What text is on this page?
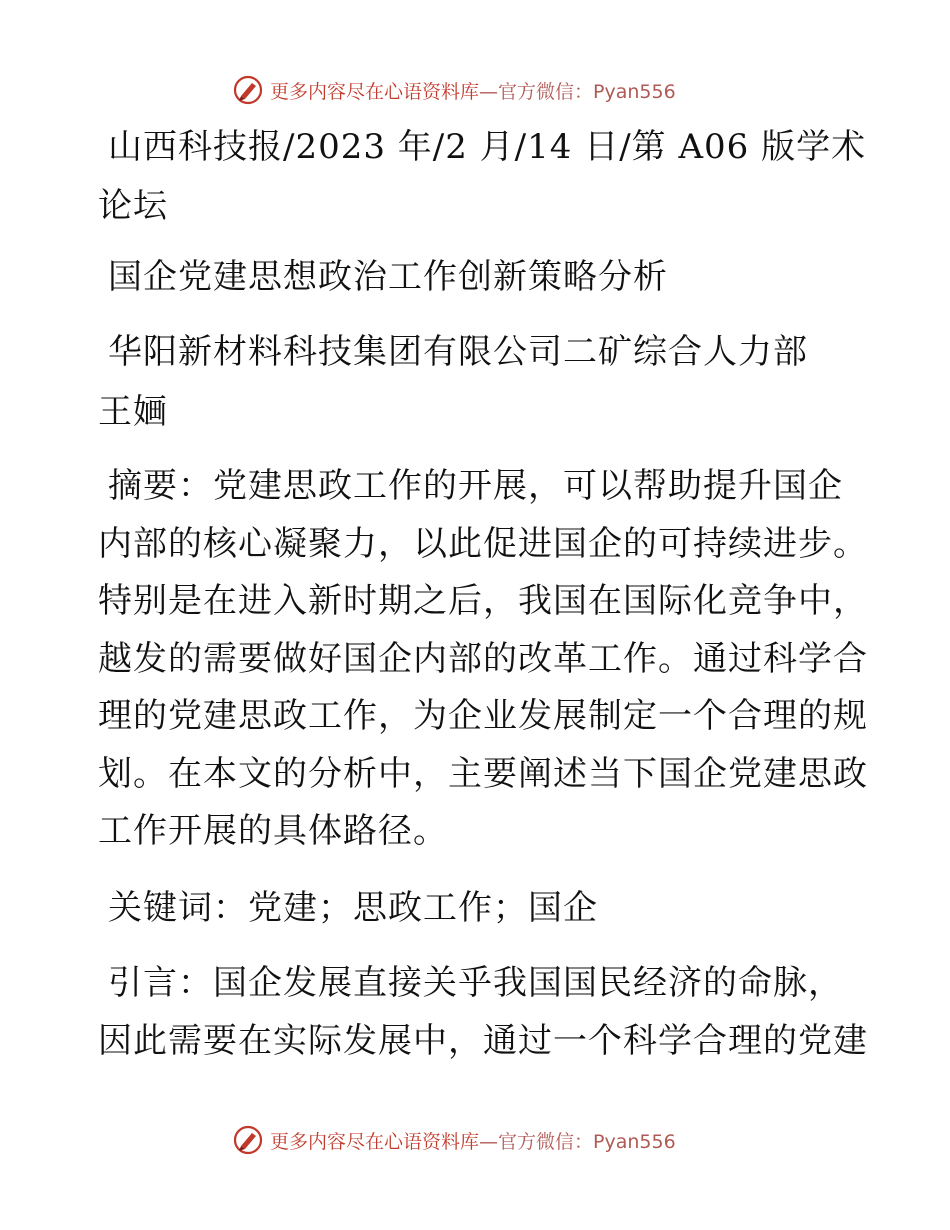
更多内容尽在心语资料库 —官方微信：Pyan556
山西科技报/2023 年/2 月/14 日/第 A06 版学术
论坛
国企党建思想政治工作创新策略分析
华阳新材料科技集团有限公司二矿综合人力部
王婳
摘要：党建思政工作的开展，可以帮助提升国企
内部的核心凝聚力，以此促进国企的可持续进步。
特别是在进入新时期之后，我国在国际化竞争中，
越发的需要做好国企内部的改革工作。通过科学合
理的党建思政工作，为企业发展制定一个合理的规
划。在本文的分析中，主要阐述当下国企党建思政
工作开展的具体路径。
关键词：党建；思政工作；国企
引言：国企发展直接关乎我国国民经济的命脉，
因此需要在实际发展中，通过一个科学合理的党建
更多内容尽在心语资料库 —官方微信：Pyan556
